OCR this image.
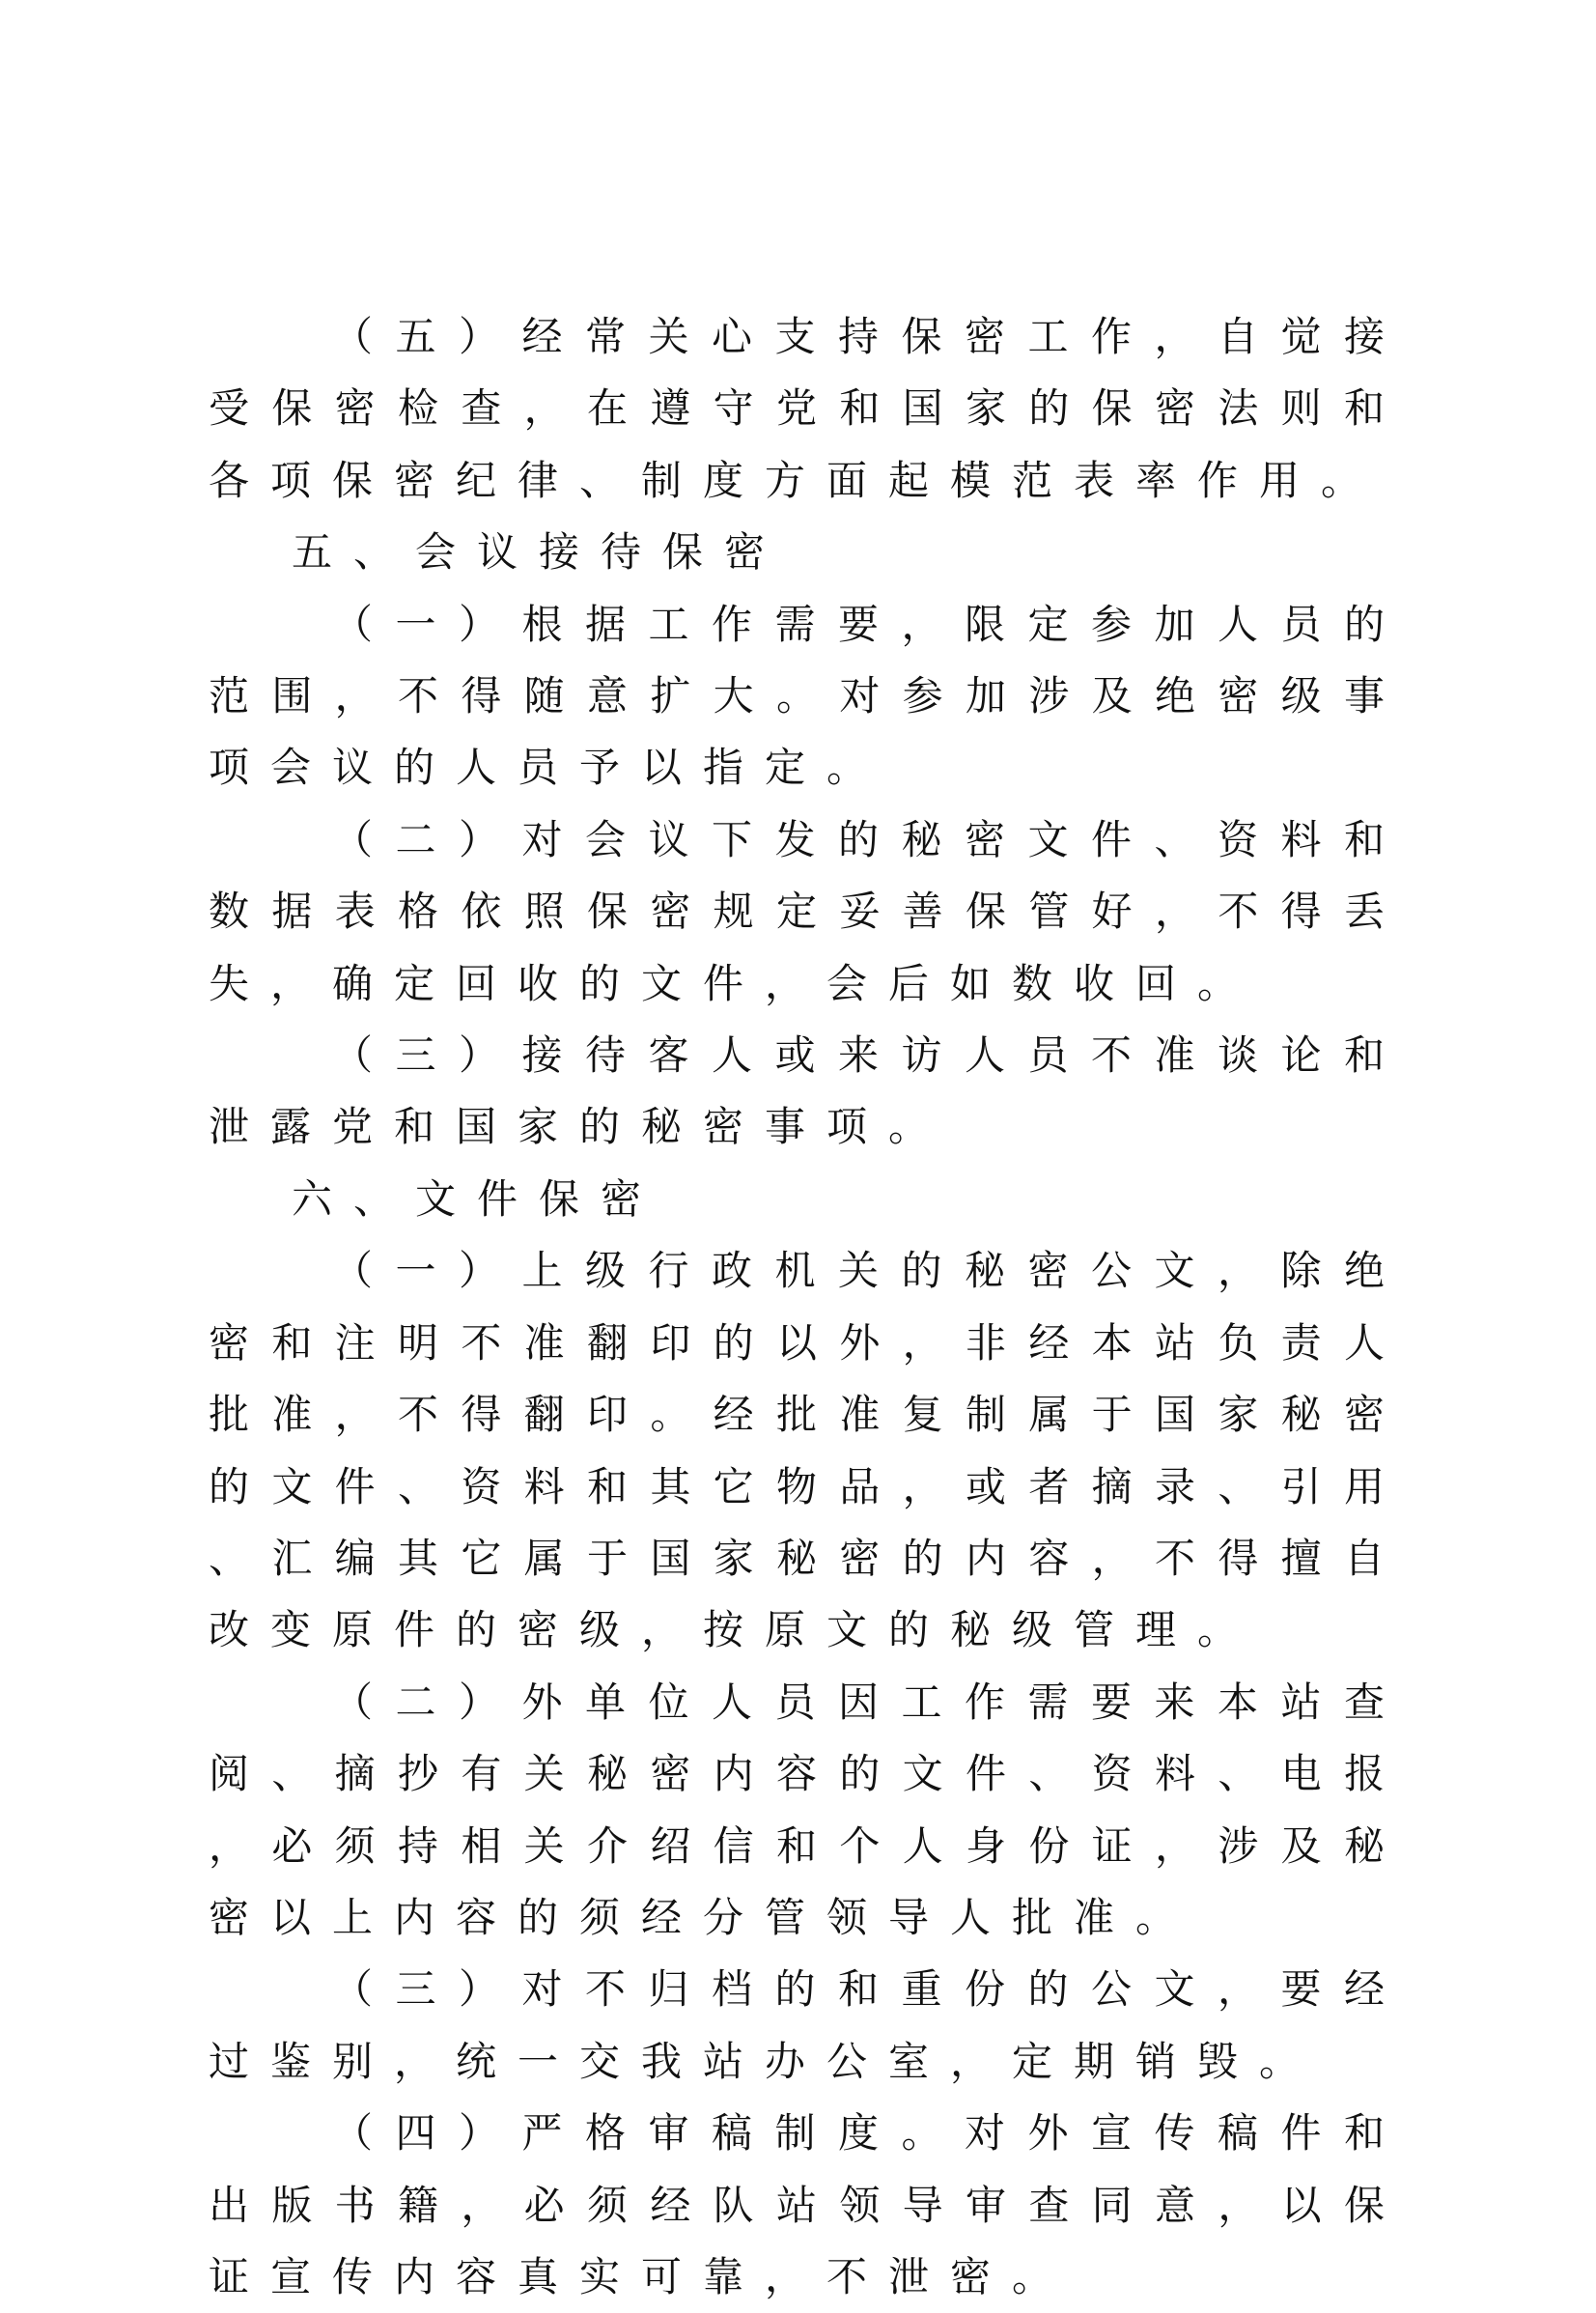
（五）经常关心支持保密工作，自觉接受保密检查，在遵守党和国家的保密法则和各项保密纪律、制度方面起模范表率作用。

五、会议接待保密

（一）根据工作需要，限定参加人员的范围，不得随意扩大。对参加涉及绝密级事项会议的人员予以指定。

（二）对会议下发的秘密文件、资料和数据表格依照保密规定妥善保管好，不得丢失，确定回收的文件，会后如数收回。

（三）接待客人或来访人员不准谈论和泄露党和国家的秘密事项。

六、文件保密

（一）上级行政机关的秘密公文，除绝密和注明不准翻印的以外，非经本站负责人批准，不得翻印。经批准复制属于国家秘密的文件、资料和其它物品，或者摘录、引用、汇编其它属于国家秘密的内容，不得擅自改变原件的密级，按原文的秘级管理。

（二）外单位人员因工作需要来本站查阅、摘抄有关秘密内容的文件、资料、电报，必须持相关介绍信和个人身份证，涉及秘密以上内容的须经分管领导人批准。

（三）对不归档的和重份的公文，要经过鉴别，统一交我站办公室，定期销毁。

（四）严格审稿制度。对外宣传稿件和出版书籍，必须经队站领导审查同意，以保证宣传内容真实可靠，不泄密。
